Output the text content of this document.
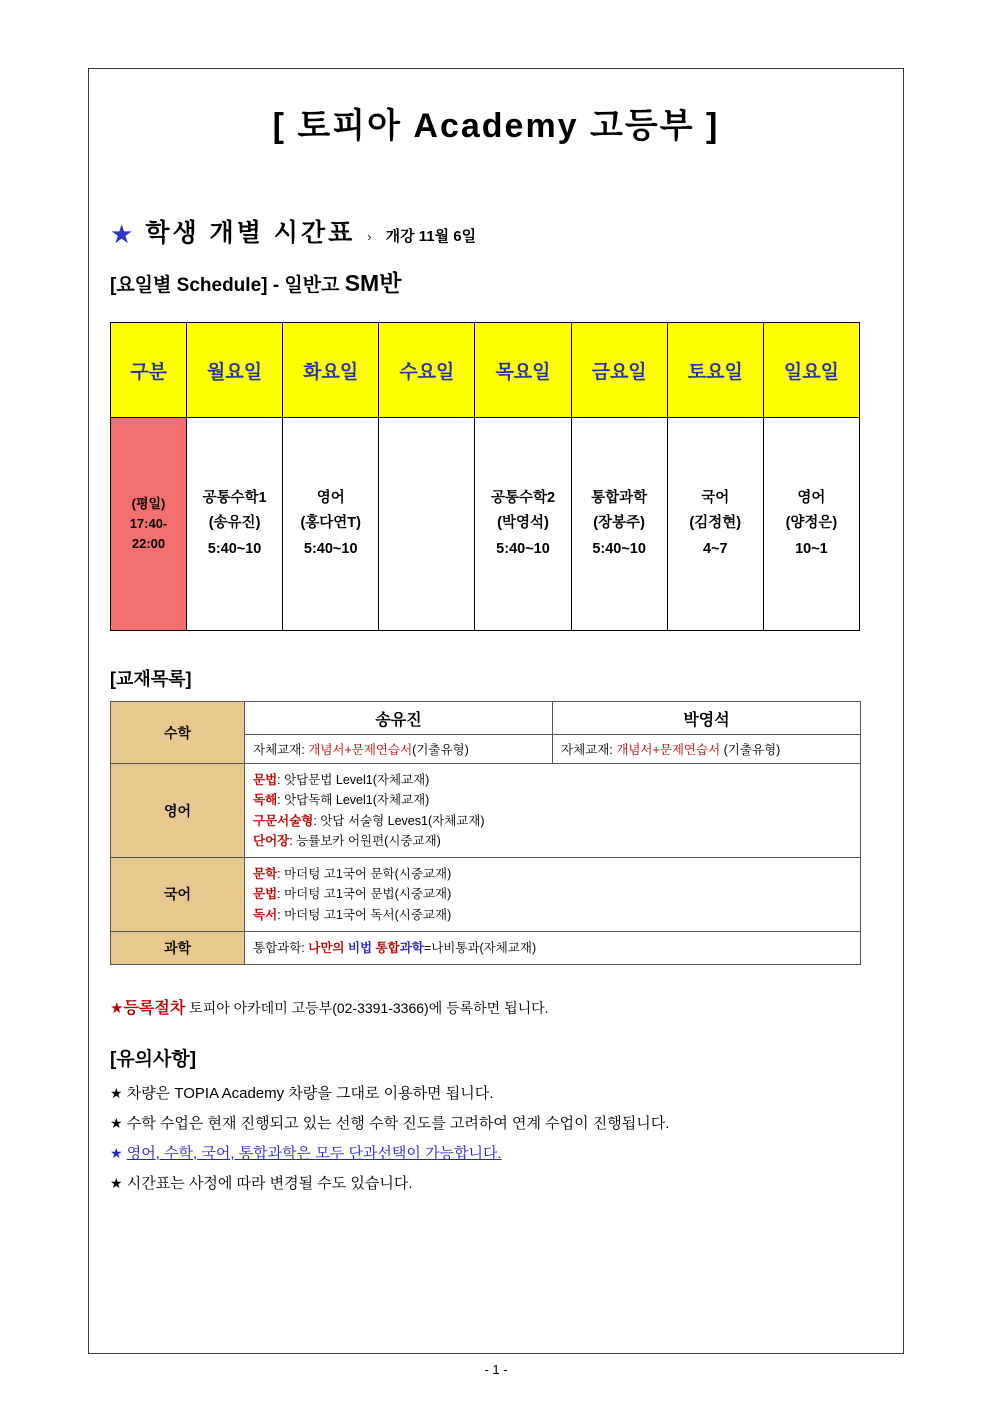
[ 토피아 Academy 고등부 ]
★ 학생 개별 시간표 › 개강 11월 6일
[요일별 Schedule] - 일반고 SM반
구분	월요일	화요일	수요일	목요일	금요일	토요일	일요일

(평일)
17:40-
22:00	공통수학1
(송유진)
5:40~10	영어
(홍다연T)
5:40~10		공통수학2
(박영석)
5:40~10	통합과학
(장봉주)
5:40~10	국어
(김정현)
4~7	영어
(양정은)
10~1
[교재목록]
수학	송유진	박영석
	자체교재: 개념서+문제연습서(기출유형)	자체교재: 개념서+문제연습서 (기출유형)
영어	문법: 앗답문법 Level1(자체교재)
독해: 앗답독해 Level1(자체교재)
구문서술형: 앗답 서술형 Leves1(자체교재)
단어장: 능률보카 어원편(시중교재)	

국어	문학: 마더텅 고1국어 문학(시중교재)
문법: 마더텅 고1국어 문법(시중교재)
독서: 마더텅 고1국어 독서(시중교재)	

과학	통합과학: 나만의 비법 통합과학=나비통과(자체교재)	
★등록절차 토피아 아카데미 고등부(02-3391-3366)에 등록하면 됩니다.
[유의사항]
★ 차량은 TOPIA Academy 차량을 그대로 이용하면 됩니다.
★ 수학 수업은 현재 진행되고 있는 선행 수학 진도를 고려하여 연계 수업이 진행됩니다.
★ 영어, 수학, 국어, 통합과학은 모두 단과선택이 가능합니다.
★ 시간표는 사정에 따라 변경될 수도 있습니다.
- 1 -
